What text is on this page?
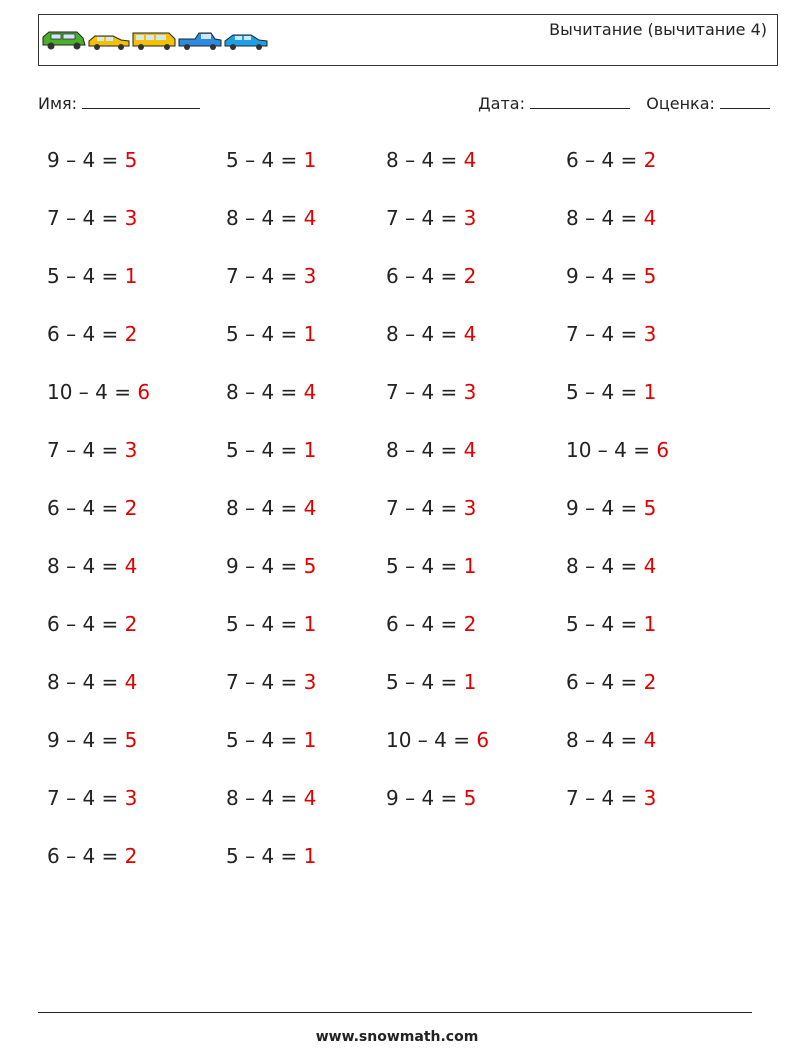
Вычитание (вычитание 4)
Имя:	Дата:	Оценка:
9 – 4 = 5
7 – 4 = 3
5 – 4 = 1
6 – 4 = 2
10 – 4 = 6
7 – 4 = 3
6 – 4 = 2
8 – 4 = 4
6 – 4 = 2
8 – 4 = 4
9 – 4 = 5
7 – 4 = 3
6 – 4 = 2
5 – 4 = 1
8 – 4 = 4
7 – 4 = 3
5 – 4 = 1
8 – 4 = 4
5 – 4 = 1
8 – 4 = 4
9 – 4 = 5
5 – 4 = 1
7 – 4 = 3
5 – 4 = 1
8 – 4 = 4
5 – 4 = 1
8 – 4 = 4
7 – 4 = 3
6 – 4 = 2
8 – 4 = 4
7 – 4 = 3
8 – 4 = 4
7 – 4 = 3
5 – 4 = 1
6 – 4 = 2
5 – 4 = 1
10 – 4 = 6
9 – 4 = 5
6 – 4 = 2
8 – 4 = 4
9 – 4 = 5
7 – 4 = 3
5 – 4 = 1
10 – 4 = 6
9 – 4 = 5
8 – 4 = 4
5 – 4 = 1
6 – 4 = 2
8 – 4 = 4
7 – 4 = 3
www.snowmath.com
